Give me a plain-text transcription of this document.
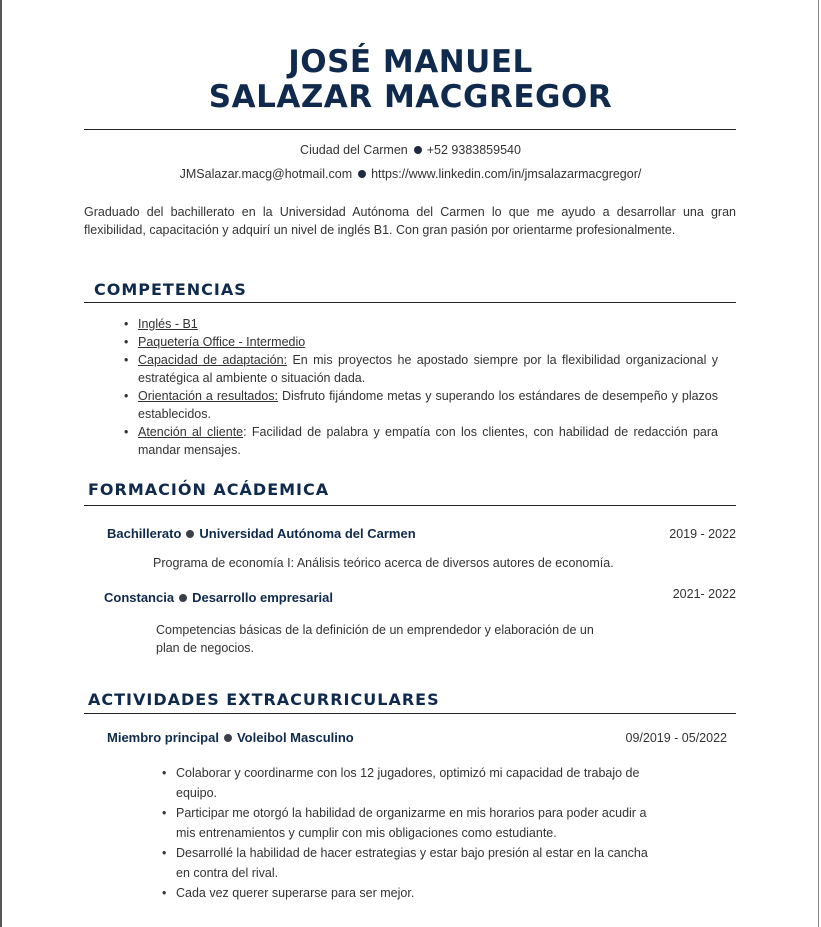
JOSÉ MANUEL
SALAZAR MACGREGOR
Ciudad del Carmen +52 9383859540
JMSalazar.macg@hotmail.com https://www.linkedin.com/in/jmsalazarmacgregor/
Graduado del bachillerato en la Universidad Autónoma del Carmen lo que me ayudo a desarrollar una gran flexibilidad, capacitación y adquirí un nivel de inglés B1. Con gran pasión por orientarme profesionalmente.
COMPETENCIAS
• Inglés - B1
• Paquetería Office - Intermedio
• Capacidad de adaptación: En mis proyectos he apostado siempre por la flexibilidad organizacional y estratégica al ambiente o situación dada.
• Orientación a resultados: Disfruto fijándome metas y superando los estándares de desempeño y plazos establecidos.
• Atención al cliente: Facilidad de palabra y empatía con los clientes, con habilidad de redacción para mandar mensajes.
FORMACIÓN ACÁDEMICA
Bachillerato Universidad Autónoma del Carmen	2019 - 2022
Programa de economía I: Análisis teórico acerca de diversos autores de economía.
Constancia Desarrollo empresarial	2021- 2022
Competencias básicas de la definición de un emprendedor y elaboración de un plan de negocios.
ACTIVIDADES EXTRACURRICULARES
Miembro principal Voleibol Masculino	09/2019 - 05/2022
• Colaborar y coordinarme con los 12 jugadores, optimizó mi capacidad de trabajo de equipo.
• Participar me otorgó la habilidad de organizarme en mis horarios para poder acudir a mis entrenamientos y cumplir con mis obligaciones como estudiante.
• Desarrollé la habilidad de hacer estrategias y estar bajo presión al estar en la cancha en contra del rival.
• Cada vez querer superarse para ser mejor.
